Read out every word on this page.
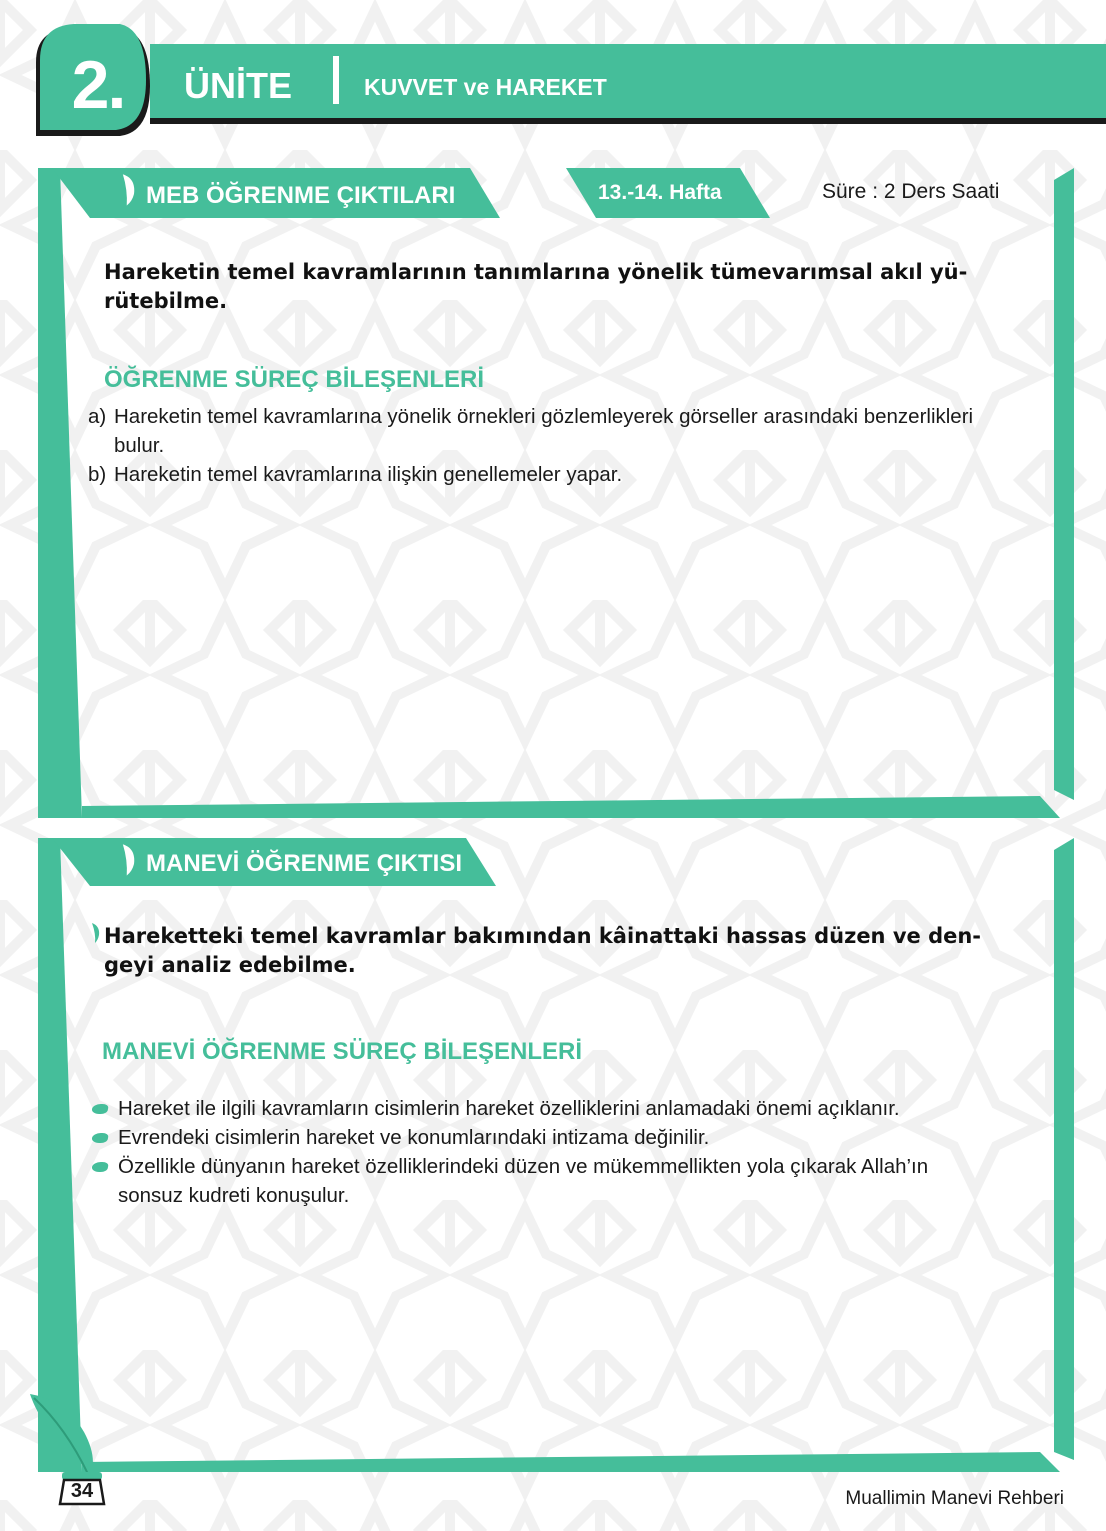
2.	ÜNİTE	KUVVET ve HAREKET
MEB ÖĞRENME ÇIKTILARI	13.-14. Hafta	Süre : 2 Ders Saati

Hareketin temel kavramlarının tanımlarına yönelik tümevarımsal akıl yü-
rütebilme.

ÖĞRENME SÜREÇ BİLEŞENLERİ
a) Hareketin temel kavramlarına yönelik örnekleri gözlemleyerek görseller arasındaki benzerlikleri
bulur.
b) Hareketin temel kavramlarına ilişkin genellemeler yapar.
MANEVİ ÖĞRENME ÇIKTISI

Hareketteki temel kavramlar bakımından kâinattaki hassas düzen ve den-
geyi analiz edebilme.

MANEVİ ÖĞRENME SÜREÇ BİLEŞENLERİ
Hareket ile ilgili kavramların cisimlerin hareket özelliklerini anlamadaki önemi açıklanır.
Evrendeki cisimlerin hareket ve konumlarındaki intizama değinilir.
Özellikle dünyanın hareket özelliklerindeki düzen ve mükemmellikten yola çıkarak Allah’ın
sonsuz kudreti konuşulur.
34	Muallimin Manevi Rehberi
